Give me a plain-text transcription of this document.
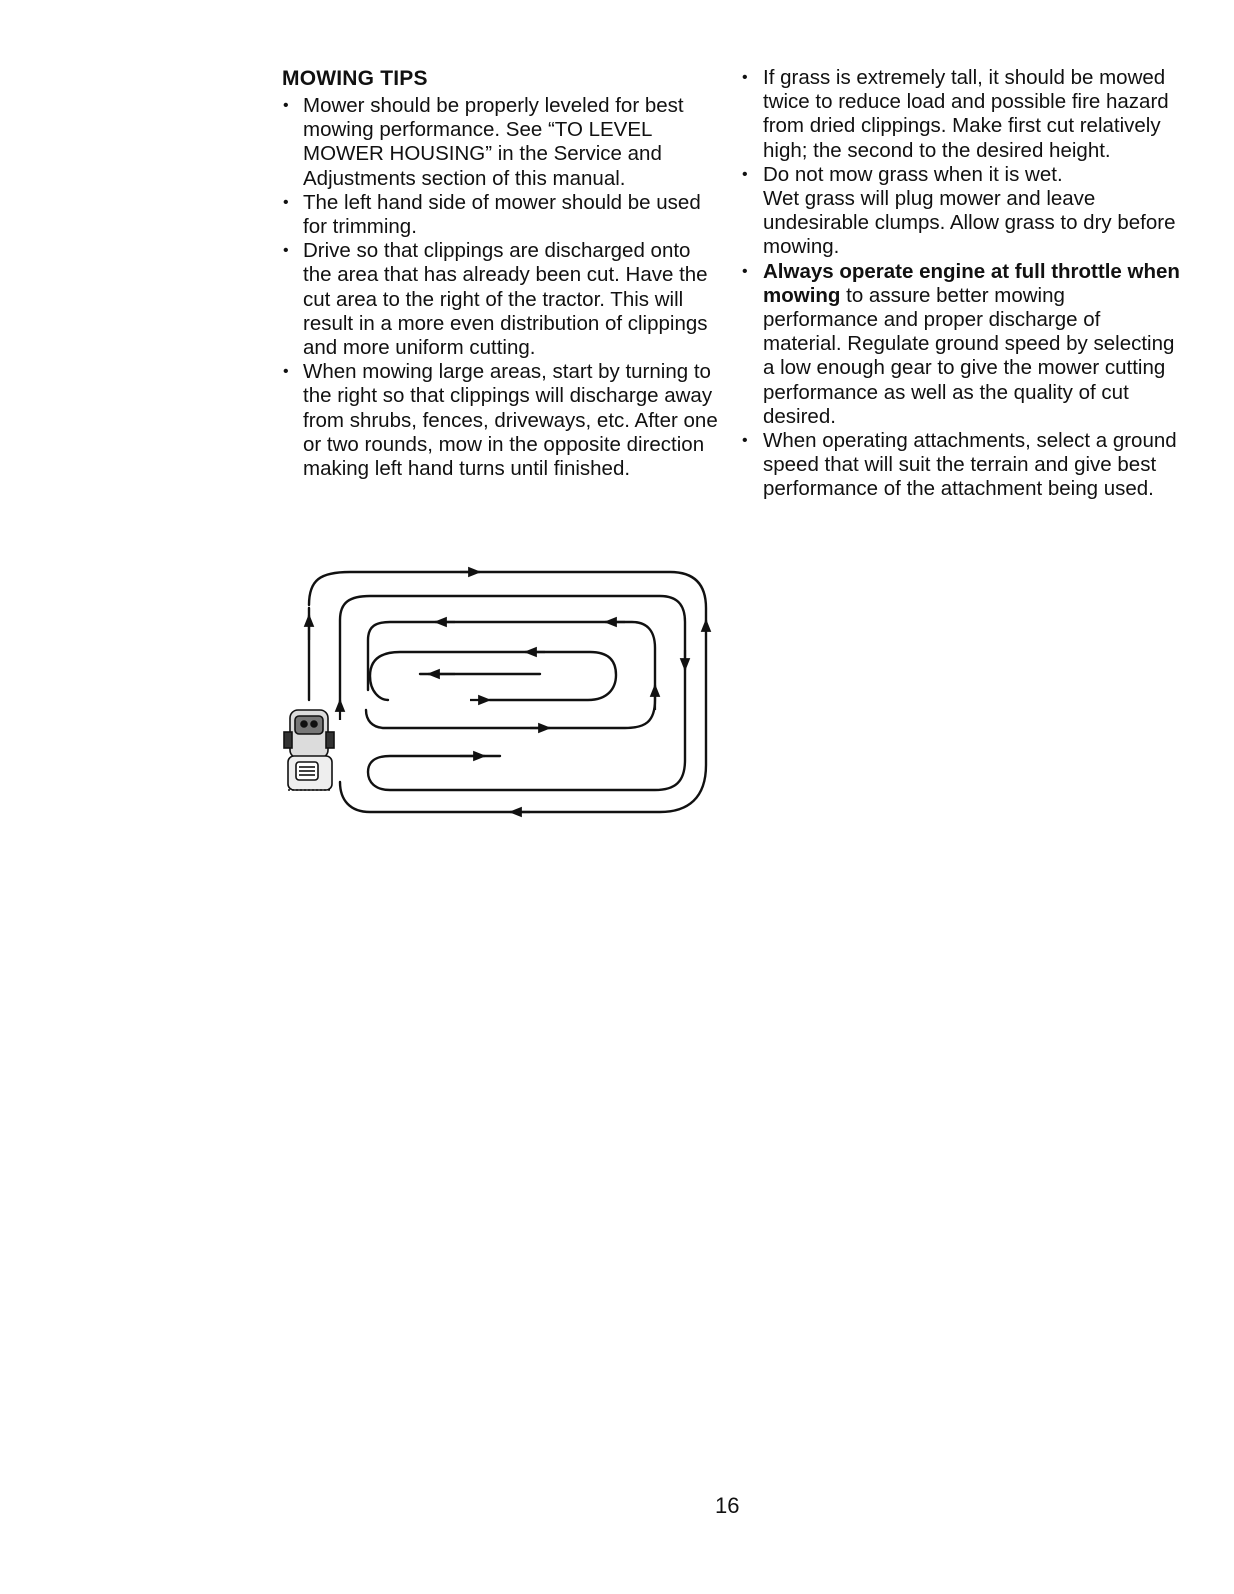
MOWING TIPS
• Mower should be properly leveled for best mowing performance. See “TO LEVEL MOWER HOUSING” in the Service and Adjustments section of this manual.
• The left hand side of mower should be used for trimming.
• Drive so that clippings are discharged onto the area that has already been cut. Have the cut area to the right of the tractor. This will result in a more even distribution of clippings and more uniform cutting.
• When mowing large areas, start by turning to the right so that clippings will discharge away from shrubs, fences, driveways, etc. After one or two rounds, mow in the opposite direction making left hand turns until finished.
• If grass is extremely tall, it should be mowed twice to reduce load and possible fire hazard from dried clippings. Make first cut relatively high; the second to the desired height.
• Do not mow grass when it is wet.
Wet grass will plug mower and leave undesirable clumps. Allow grass to dry before mowing.
• Always operate engine at full throttle when mowing to assure better mowing performance and proper discharge of material. Regulate ground speed by selecting a low enough gear to give the mower cutting performance as well as the quality of cut desired.
• When operating attachments, select a ground speed that will suit the terrain and give best performance of the attachment being used.
16
